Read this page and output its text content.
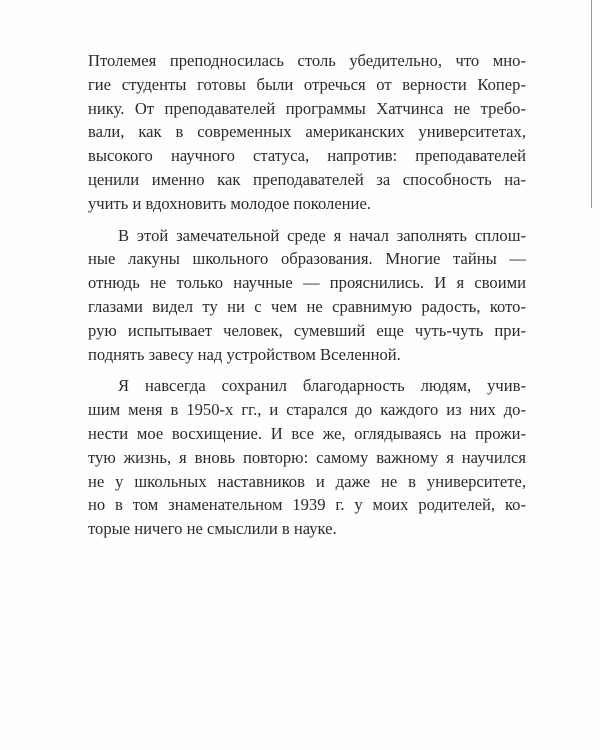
Птолемея преподносилась столь убедительно, что мно-
гие студенты готовы были отречься от верности Копер-
нику. От преподавателей программы Хатчинса не требо-
вали, как в современных американских университетах,
высокого научного статуса, напротив: преподавателей
ценили именно как преподавателей за способность на-
учить и вдохновить молодое поколение.
В этой замечательной среде я начал заполнять сплош-
ные лакуны школьного образования. Многие тайны —
отнюдь не только научные — прояснились. И я своими
глазами видел ту ни с чем не сравнимую радость, кото-
рую испытывает человек, сумевший еще чуть-чуть при-
поднять завесу над устройством Вселенной.
Я навсегда сохранил благодарность людям, учив-
шим меня в 1950-х гг., и старался до каждого из них до-
нести мое восхищение. И все же, оглядываясь на прожи-
тую жизнь, я вновь повторю: самому важному я научился
не у школьных наставников и даже не в университете,
но в том знаменательном 1939 г. у моих родителей, ко-
торые ничего не смыслили в науке.
